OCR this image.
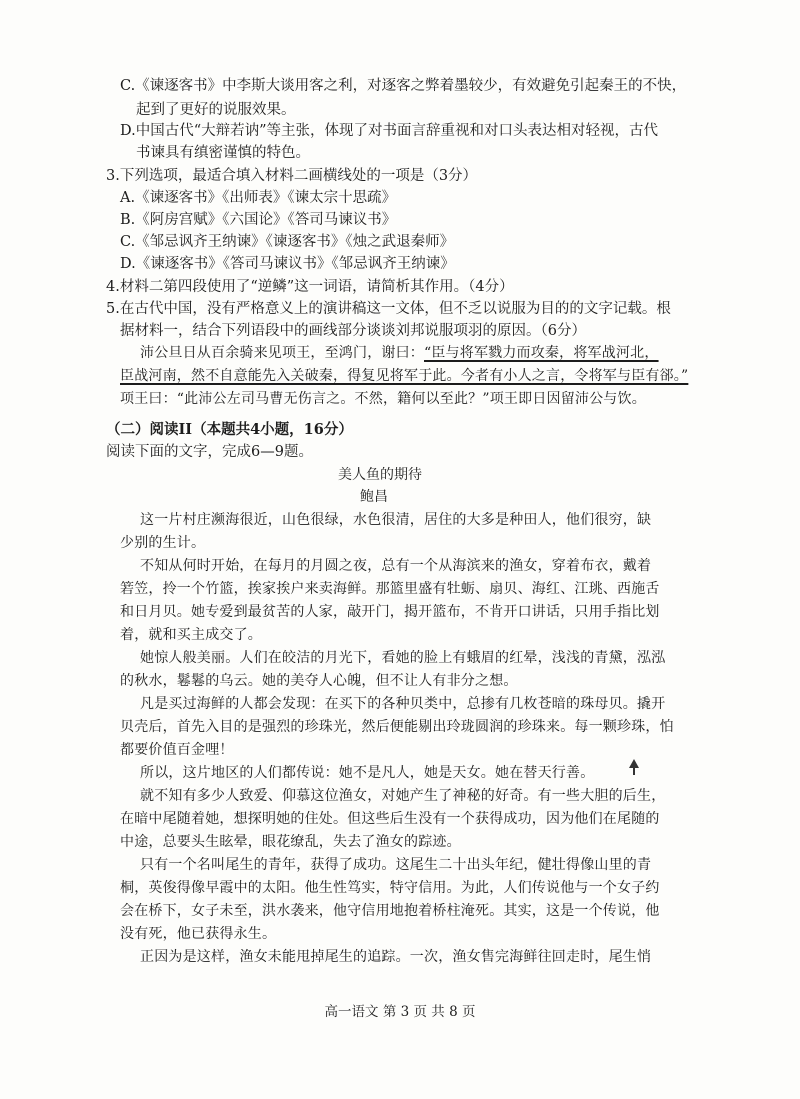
C.《谏逐客书》中李斯大谈用客之利，对逐客之弊着墨较少，有效避免引起秦王的不快，
起到了更好的说服效果。
D.中国古代“大辩若讷”等主张，体现了对书面言辞重视和对口头表达相对轻视，古代
书谏具有缜密谨慎的特色。
3.下列选项，最适合填入材料二画横线处的一项是（3分）
A.《谏逐客书》《出师表》《谏太宗十思疏》
B.《阿房宫赋》《六国论》《答司马谏议书》
C.《邹忌讽齐王纳谏》《谏逐客书》《烛之武退秦师》
D.《谏逐客书》《答司马谏议书》《邹忌讽齐王纳谏》
4.材料二第四段使用了“逆鳞”这一词语，请简析其作用。（4分）
5.在古代中国，没有严格意义上的演讲稿这一文体，但不乏以说服为目的的文字记载。根
据材料一，结合下列语段中的画线部分谈谈刘邦说服项羽的原因。（6分）
沛公旦日从百余骑来见项王，至鸿门，谢曰：“臣与将军戮力而攻秦，将军战河北，
臣战河南，然不自意能先入关破秦，得复见将军于此。今者有小人之言，令将军与臣有郤。”
项王曰：“此沛公左司马曹无伤言之。不然，籍何以至此？”项王即日因留沛公与饮。
（二）阅读II（本题共4小题，16分）
阅读下面的文字，完成6—9题。
美人鱼的期待
鲍昌
这一片村庄濒海很近，山色很绿，水色很清，居住的大多是种田人，他们很穷，缺
少别的生计。
不知从何时开始，在每月的月圆之夜，总有一个从海滨来的渔女，穿着布衣，戴着
箬笠，拎一个竹篮，挨家挨户来卖海鲜。那篮里盛有牡蛎、扇贝、海红、江珧、西施舌
和日月贝。她专爱到最贫苦的人家，敲开门，揭开篮布，不肯开口讲话，只用手指比划
着，就和买主成交了。
她惊人般美丽。人们在皎洁的月光下，看她的脸上有蛾眉的红晕，浅浅的青黛，泓泓
的秋水，鬈鬈的乌云。她的美夺人心魄，但不让人有非分之想。
凡是买过海鲜的人都会发现：在买下的各种贝类中，总掺有几枚苍暗的珠母贝。撬开
贝壳后，首先入目的是强烈的珍珠光，然后便能剔出玲珑圆润的珍珠来。每一颗珍珠，怕
都要价值百金哩！
所以，这片地区的人们都传说：她不是凡人，她是天女。她在替天行善。
就不知有多少人致爱、仰慕这位渔女，对她产生了神秘的好奇。有一些大胆的后生，
在暗中尾随着她，想探明她的住处。但这些后生没有一个获得成功，因为他们在尾随的
中途，总要头生眩晕，眼花缭乱，失去了渔女的踪迹。
只有一个名叫尾生的青年，获得了成功。这尾生二十出头年纪，健壮得像山里的青
桐，英俊得像早霞中的太阳。他生性笃实，特守信用。为此，人们传说他与一个女子约
会在桥下，女子未至，洪水袭来，他守信用地抱着桥柱淹死。其实，这是一个传说，他
没有死，他已获得永生。
正因为是这样，渔女未能甩掉尾生的追踪。一次，渔女售完海鲜往回走时，尾生悄
高一语文 第 3 页 共 8 页
